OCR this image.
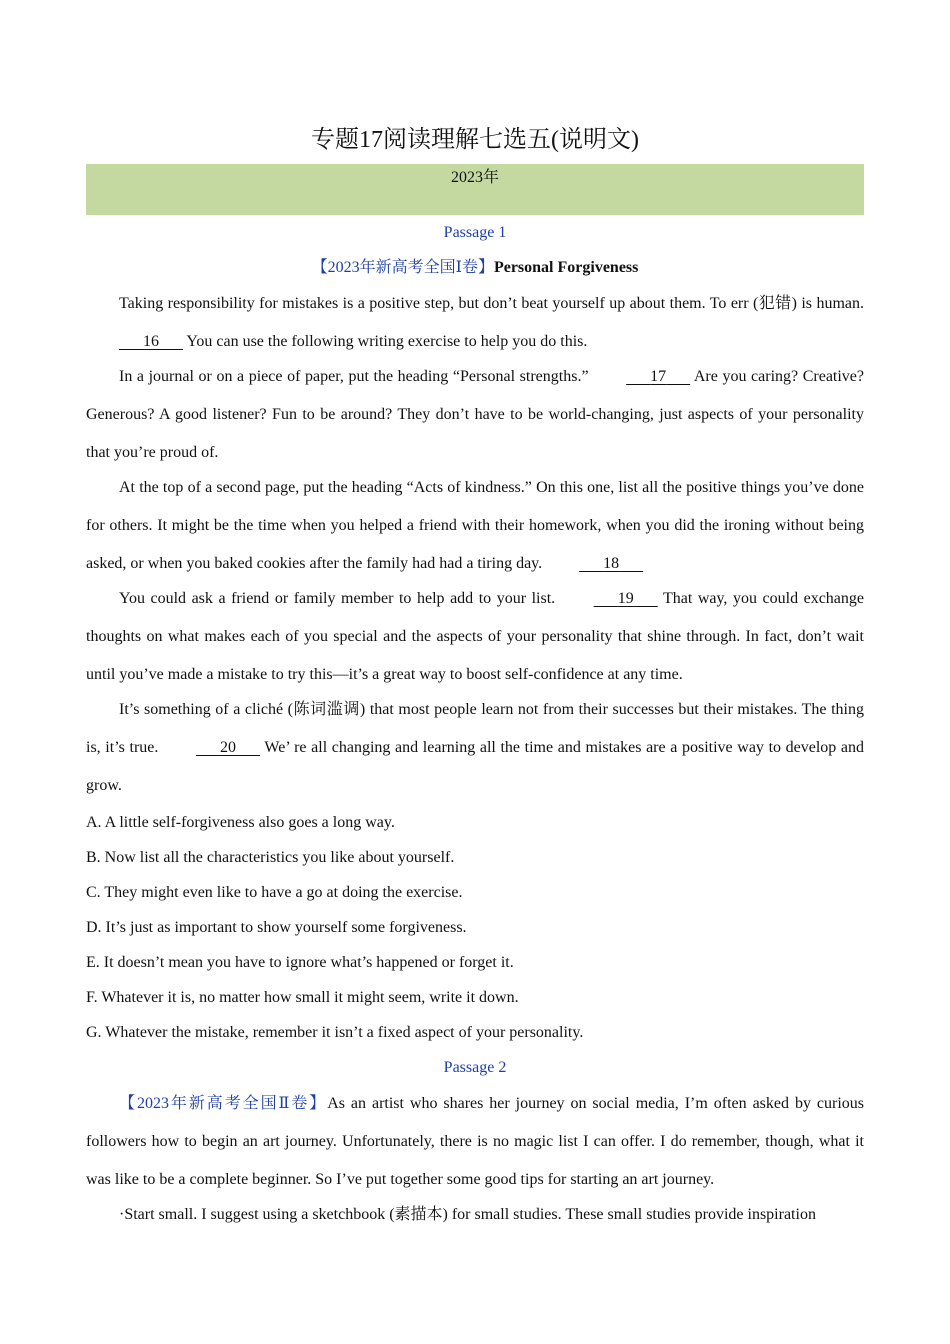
专题17阅读理解七选五(说明文)
2023年

Passage 1

【2023年新高考全国Ⅰ卷】Personal Forgiveness

Taking responsibility for mistakes is a positive step, but don’t beat yourself up about them. To err (犯错) is human.       16 You can use the following writing exercise to help you do this.

In a journal or on a piece of paper, put the heading “Personal strengths.”	17 Are you caring? Creative? Generous? A good listener? Fun to be around? They don’t have to be world-changing, just aspects of your personality that you’re proud of.

At the top of a second page, put the heading “Acts of kindness.” On this one, list all the positive things you’ve done for others. It might be the time when you helped a friend with their homework, when you did the ironing without being asked, or when you baked cookies after the family had had a tiring day.	18

You could ask a friend or family member to help add to your list.	19 That way, you could exchange thoughts on what makes each of you special and the aspects of your personality that shine through. In fact, don’t wait until you’ve made a mistake to try this—it’s a great way to boost self-confidence at any time.

It’s something of a cliché (陈词滥调) that most people learn not from their successes but their mistakes. The thing is, it’s true.	20 We’ re all changing and learning all the time and mistakes are a positive way to develop and grow.

A. A little self-forgiveness also goes a long way.
B. Now list all the characteristics you like about yourself.
C. They might even like to have a go at doing the exercise.
D. It’s just as important to show yourself some forgiveness.
E. It doesn’t mean you have to ignore what’s happened or forget it.
F. Whatever it is, no matter how small it might seem, write it down.
G. Whatever the mistake, remember it isn’t a fixed aspect of your personality.

Passage 2

【2023年新高考全国Ⅱ卷】As an artist who shares her journey on social media, I’m often asked by curious followers how to begin an art journey. Unfortunately, there is no magic list I can offer. I do remember, though, what it was like to be a complete beginner. So I’ve put together some good tips for starting an art journey.

·Start small. I suggest using a sketchbook (素描本) for small studies. These small studies provide inspiration
